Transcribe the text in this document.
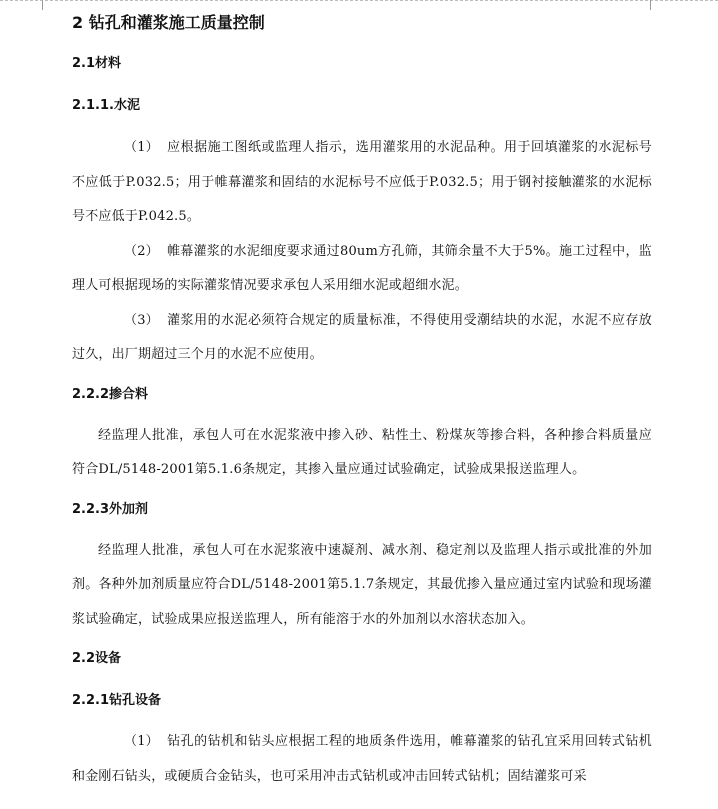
2 钻孔和灌浆施工质量控制
2.1材料
2.1.1.水泥

（1） 应根据施工图纸或监理人指示，选用灌浆用的水泥品种。用于回填灌浆的水泥标号不应低于P.032.5；用于帷幕灌浆和固结的水泥标号不应低于P.032.5；用于钢衬接触灌浆的水泥标号不应低于P.042.5。

（2） 帷幕灌浆的水泥细度要求通过80um方孔筛，其筛余量不大于5%。施工过程中，监理人可根据现场的实际灌浆情况要求承包人采用细水泥或超细水泥。

（3） 灌浆用的水泥必须符合规定的质量标准，不得使用受潮结块的水泥，水泥不应存放过久，出厂期超过三个月的水泥不应使用。

2.2.2掺合料

经监理人批准，承包人可在水泥浆液中掺入砂、粘性土、粉煤灰等掺合料，各种掺合料质量应符合DL/5148-2001第5.1.6条规定，其掺入量应通过试验确定，试验成果报送监理人。

2.2.3外加剂

经监理人批准，承包人可在水泥浆液中速凝剂、减水剂、稳定剂以及监理人指示或批准的外加剂。各种外加剂质量应符合DL/5148-2001第5.1.7条规定，其最优掺入量应通过室内试验和现场灌浆试验确定，试验成果应报送监理人，所有能溶于水的外加剂以水溶状态加入。

2.2设备
2.2.1钻孔设备

（1） 钻孔的钻机和钻头应根据工程的地质条件选用，帷幕灌浆的钻孔宜采用回转式钻机和金刚石钻头，或硬质合金钻头，也可采用冲击式钻机或冲击回转式钻机；固结灌浆可采
